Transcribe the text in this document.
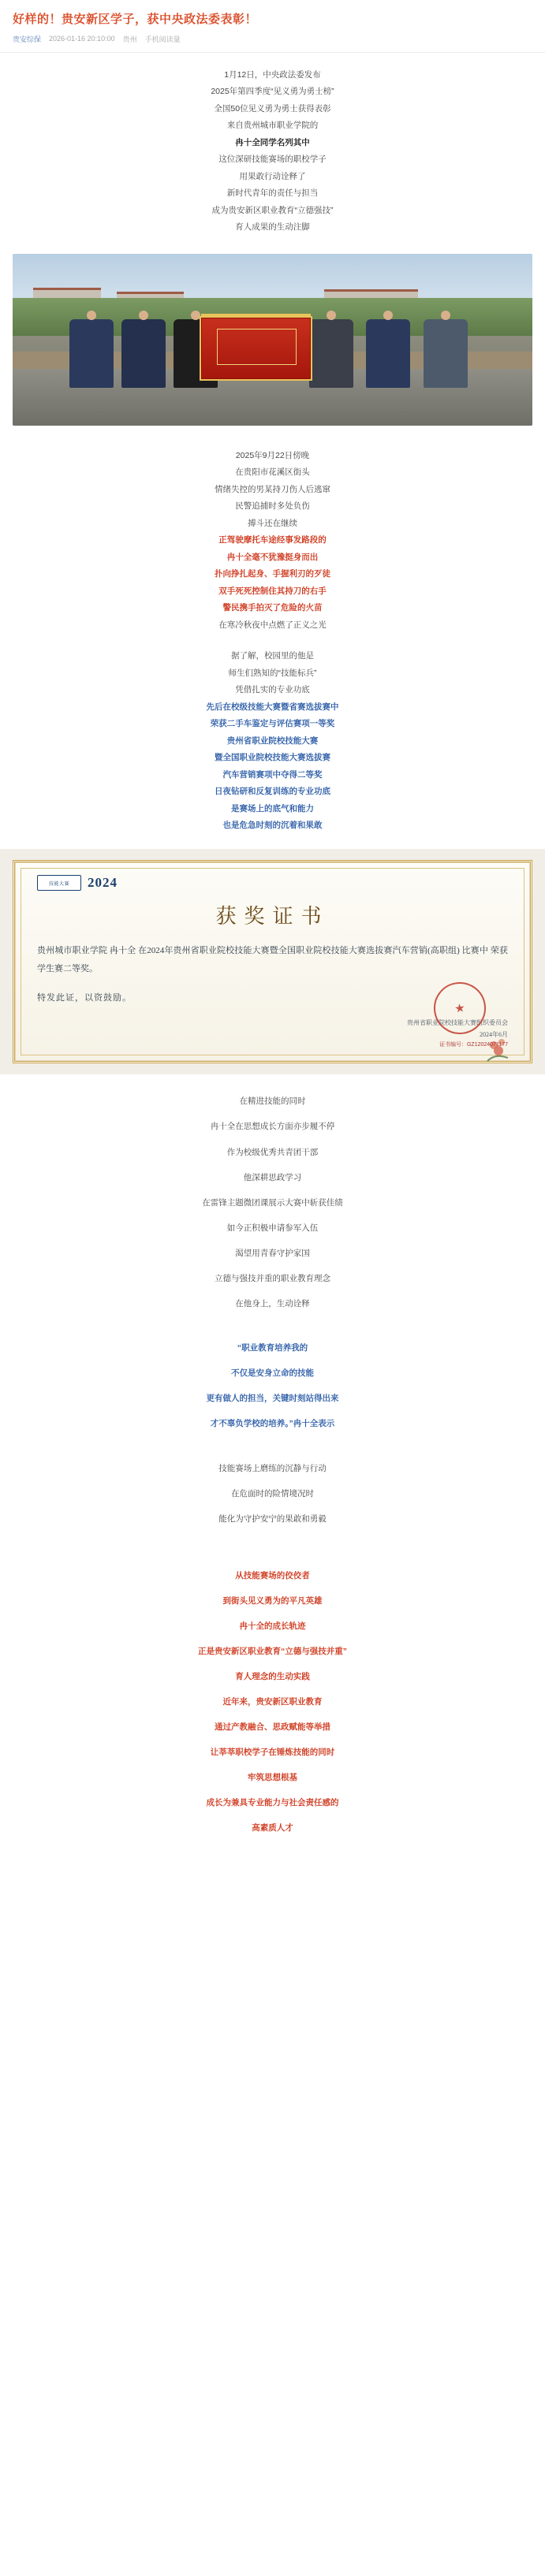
好样的！贵安新区学子，获中央政法委表彰！
贵安综保 2026-01-16 20:10:00 贵州 手机阅读量

1月12日，中央政法委发布

2025年第四季度“见义勇为勇士榜”

全国50位见义勇为勇士获得表彰

来自贵州城市职业学院的

冉十全同学名列其中

这位深研技能赛场的职校学子

用果敢行动诠释了

新时代青年的责任与担当

成为贵安新区职业教育“立德强技”

育人成果的生动注脚

2025年9月22日傍晚

在贵阳市花溪区街头

情绪失控的男某持刀伤人后逃窜

民警追捕时多处负伤

搏斗还在继续

正驾驶摩托车途经事发路段的

冉十全毫不犹豫挺身而出

扑向挣扎起身、手握利刃的歹徒

双手死死控制住其持刀的右手

警民携手拍灭了危险的火苗

在寒冷秋夜中点燃了正义之光

据了解，校园里的他是

师生们熟知的“技能标兵”

凭借扎实的专业功底

先后在校级技能大赛暨省赛选拔赛中

荣获二手车鉴定与评估赛项一等奖

贵州省职业院校技能大赛

暨全国职业院校技能大赛选拔赛

汽车营销赛项中夺得二等奖

日夜钻研和反复训练的专业功底

是赛场上的底气和能力

也是危急时刻的沉着和果敢

技能大赛	2024
获奖证书
贵州城市职业学院 冉十全 在2024年贵州省职业院校技能大赛暨全国职业院校技能大赛选拔赛汽车营销(高职组) 比赛中 荣获学生赛二等奖。
特发此证，以资鼓励。
贵州省职业院校技能大赛组织委员会
2024年6月
★
证书编号：GZ12024071177

在精进技能的同时

冉十全在思想成长方面亦步履不停

作为校级优秀共青团干部

他深耕思政学习

在雷锋主题微团课展示大赛中斩获佳绩

如今正积极申请参军入伍

渴望用青春守护家国

立德与强技并重的职业教育理念

在他身上，生动诠释

“职业教育培养我的

不仅是安身立命的技能

更有做人的担当，关键时刻站得出来

才不辜负学校的培养。”冉十全表示

技能赛场上磨练的沉静与行动

在危面时的险情境况时

能化为守护安宁的果敢和勇毅

从技能赛场的佼佼者

到街头见义勇为的平凡英雄

冉十全的成长轨迹

正是贵安新区职业教育“立德与强技并重”

育人理念的生动实践

近年来，贵安新区职业教育

通过产教融合、思政赋能等举措

让莘莘职校学子在锤炼技能的同时

牢筑思想根基

成长为兼具专业能力与社会责任感的

高素质人才
